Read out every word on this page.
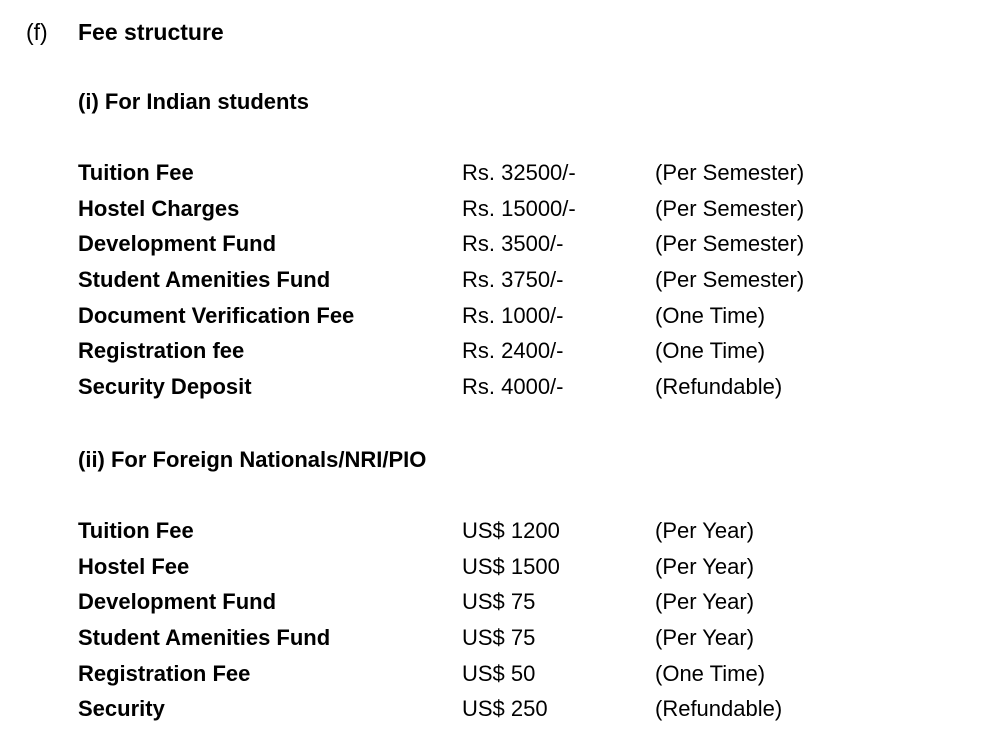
(f) Fee structure
(i) For Indian students
Tuition Fee	Rs. 32500/-	(Per Semester)
Hostel Charges	Rs. 15000/-	(Per Semester)
Development Fund	Rs. 3500/-	(Per Semester)
Student Amenities Fund	Rs. 3750/-	(Per Semester)
Document Verification Fee	Rs. 1000/-	(One Time)
Registration fee	Rs. 2400/-	(One Time)
Security Deposit	Rs. 4000/-	(Refundable)
(ii) For Foreign Nationals/NRI/PIO
Tuition Fee	US$ 1200	(Per Year)
Hostel Fee	US$ 1500	(Per Year)
Development Fund	US$ 75	(Per Year)
Student Amenities Fund	US$ 75	(Per Year)
Registration Fee	US$ 50	(One Time)
Security	US$ 250	(Refundable)
